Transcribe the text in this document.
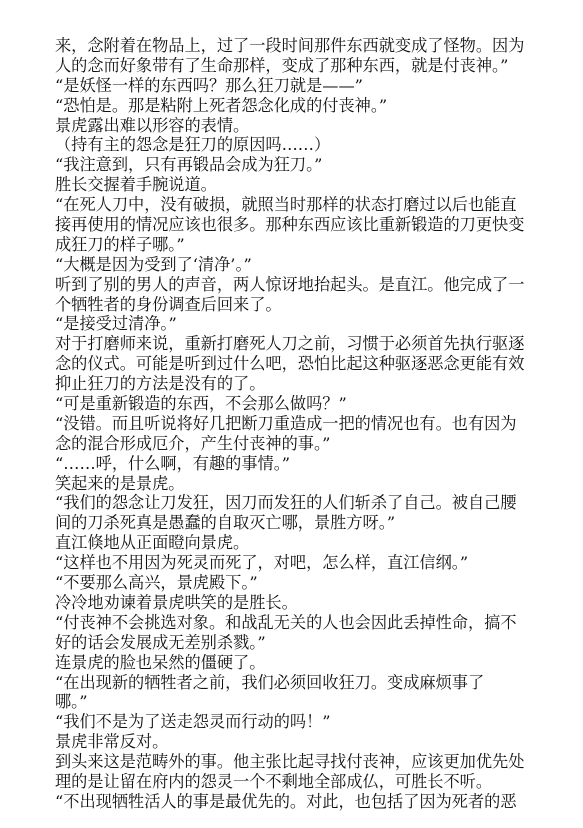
来，念附着在物品上，过了一段时间那件东西就变成了怪物。因为
人的念而好象带有了生命那样，变成了那种东西，就是付丧神。”
“是妖怪一样的东西吗？那么狂刀就是——”
“恐怕是。那是粘附上死者怨念化成的付丧神。”
景虎露出难以形容的表情。
（持有主的怨念是狂刀的原因吗……）
“我注意到，只有再锻品会成为狂刀。”
胜长交握着手腕说道。
“在死人刀中，没有破损，就照当时那样的状态打磨过以后也能直
接再使用的情况应该也很多。那种东西应该比重新锻造的刀更快变
成狂刀的样子哪。”
“大概是因为受到了‘清净’。”
听到了别的男人的声音，两人惊讶地抬起头。是直江。他完成了一
个牺牲者的身份调查后回来了。
“是接受过清净。”
对于打磨师来说，重新打磨死人刀之前，习惯于必须首先执行驱逐
念的仪式。可能是听到过什么吧，恐怕比起这种驱逐恶念更能有效
抑止狂刀的方法是没有的了。
“可是重新锻造的东西，不会那么做吗？”
“没错。而且听说将好几把断刀重造成一把的情况也有。也有因为
念的混合形成厄介，产生付丧神的事。”
“……呼，什么啊，有趣的事情。”
笑起来的是景虎。
“我们的怨念让刀发狂，因刀而发狂的人们斩杀了自己。被自己腰
间的刀杀死真是愚蠢的自取灭亡哪，景胜方呀。”
直江倏地从正面瞪向景虎。
“这样也不用因为死灵而死了，对吧，怎么样，直江信纲。”
“不要那么高兴，景虎殿下。”
冷冷地劝谏着景虎哄笑的是胜长。
“付丧神不会挑选对象。和战乱无关的人也会因此丢掉性命，搞不
好的话会发展成无差别杀戮。”
连景虎的脸也呆然的僵硬了。
“在出现新的牺牲者之前，我们必须回收狂刀。变成麻烦事了
哪。”
“我们不是为了送走怨灵而行动的吗！”
景虎非常反对。
到头来这是范畴外的事。他主张比起寻找付丧神，应该更加优先处
理的是让留在府内的怨灵一个不剩地全部成仏，可胜长不听。
“不出现牺牲活人的事是最优先的。对此，也包括了因为死者的恶
